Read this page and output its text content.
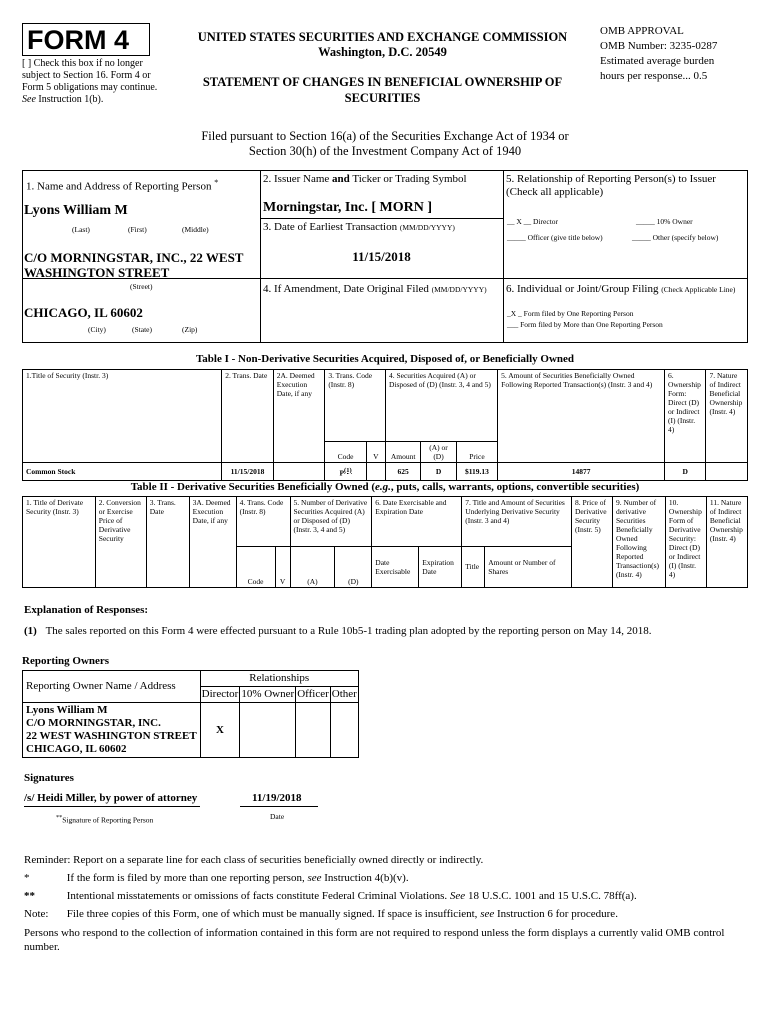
FORM 4
[ ] Check this box if no longer subject to Section 16. Form 4 or Form 5 obligations may continue. See Instruction 1(b).
UNITED STATES SECURITIES AND EXCHANGE COMMISSION
Washington, D.C. 20549
STATEMENT OF CHANGES IN BENEFICIAL OWNERSHIP OF
SECURITIES
OMB APPROVAL
OMB Number: 3235-0287
Estimated average burden
hours per response... 0.5
Filed pursuant to Section 16(a) of the Securities Exchange Act of 1934 or
Section 30(h) of the Investment Company Act of 1940
1. Name and Address of Reporting Person *
Lyons William M
(Last)	(First)	(Middle)
C/O MORNINGSTAR, INC., 22 WEST
WASHINGTON STREET
(Street)
CHICAGO, IL 60602
(City)	(State)	(Zip)
2. Issuer Name and Ticker or Trading Symbol
Morningstar, Inc. [ MORN ]
3. Date of Earliest Transaction (MM/DD/YYYY)
11/15/2018
4. If Amendment, Date Original Filed (MM/DD/YYYY)
5. Relationship of Reporting Person(s) to Issuer
(Check all applicable)
__ X __ Director	_____ 10% Owner
_____ Officer (give title below)	_____ Other (specify below)
6. Individual or Joint/Group Filing (Check Applicable Line)
_X _ Form filed by One Reporting Person
___ Form filed by More than One Reporting Person
Table I - Non-Derivative Securities Acquired, Disposed of, or Beneficially Owned
1.Title of Security (Instr. 3)	2. Trans. Date	2A. Deemed Execution Date, if any	3. Trans. Code (Instr. 8)		4. Securities Acquired (A) or Disposed of (D) (Instr. 3, 4 and 5)			5. Amount of Securities Beneficially Owned Following Reported Transaction(s) (Instr. 3 and 4)	6. Ownership Form: Direct (D) or Indirect (I) (Instr. 4)	7. Nature of Indirect Beneficial Ownership (Instr. 4)
			Code	V	Amount	(A) or (D)	Price			
Common Stock	11/15/2018		$P^{(1)}$		625	D	$119.13	14877	D	
Table II - Derivative Securities Beneficially Owned (e.g., puts, calls, warrants, options, convertible securities)
1. Title of Derivate Security (Instr. 3)	2. Conversion or Exercise Price of Derivative Security	3. Trans. Date	3A. Deemed Execution Date, if any	4. Trans. Code (Instr. 8)		5. Number of Derivative Securities Acquired (A) or Disposed of (D) (Instr. 3, 4 and 5)		6. Date Exercisable and Expiration Date		7. Title and Amount of Securities Underlying Derivative Security (Instr. 3 and 4)		8. Price of Derivative Security (Instr. 5)	9. Number of derivative Securities Beneficially Owned Following Reported Transaction(s) (Instr. 4)	10. Ownership Form of Derivative Security: Direct (D) or Indirect (I) (Instr. 4)	11. Nature of Indirect Beneficial Ownership (Instr. 4)
				Code	V	(A)	(D)	Date Exercisable	Expiration Date	Title	Amount or Number of Shares				
Explanation of Responses:
(1) The sales reported on this Form 4 were effected pursuant to a Rule 10b5-1 trading plan adopted by the reporting person on May 14, 2018.
Reporting Owners
Reporting Owner Name / Address	Relationships			
	Director	10% Owner	Officer	Other

Lyons William M
C/O MORNINGSTAR, INC.
22 WEST WASHINGTON STREET
CHICAGO, IL 60602	X			
Signatures
/s/ Heidi Miller, by power of attorney	11/19/2018
**Signature of Reporting Person	Date
Reminder: Report on a separate line for each class of securities beneficially owned directly or indirectly.
*	If the form is filed by more than one reporting person, see Instruction 4(b)(v).
**	Intentional misstatements or omissions of facts constitute Federal Criminal Violations. See 18 U.S.C. 1001 and 15 U.S.C. 78ff(a).
Note: File three copies of this Form, one of which must be manually signed. If space is insufficient, see Instruction 6 for procedure.
Persons who respond to the collection of information contained in this form are not required to respond unless the form displays a currently valid OMB control number.
